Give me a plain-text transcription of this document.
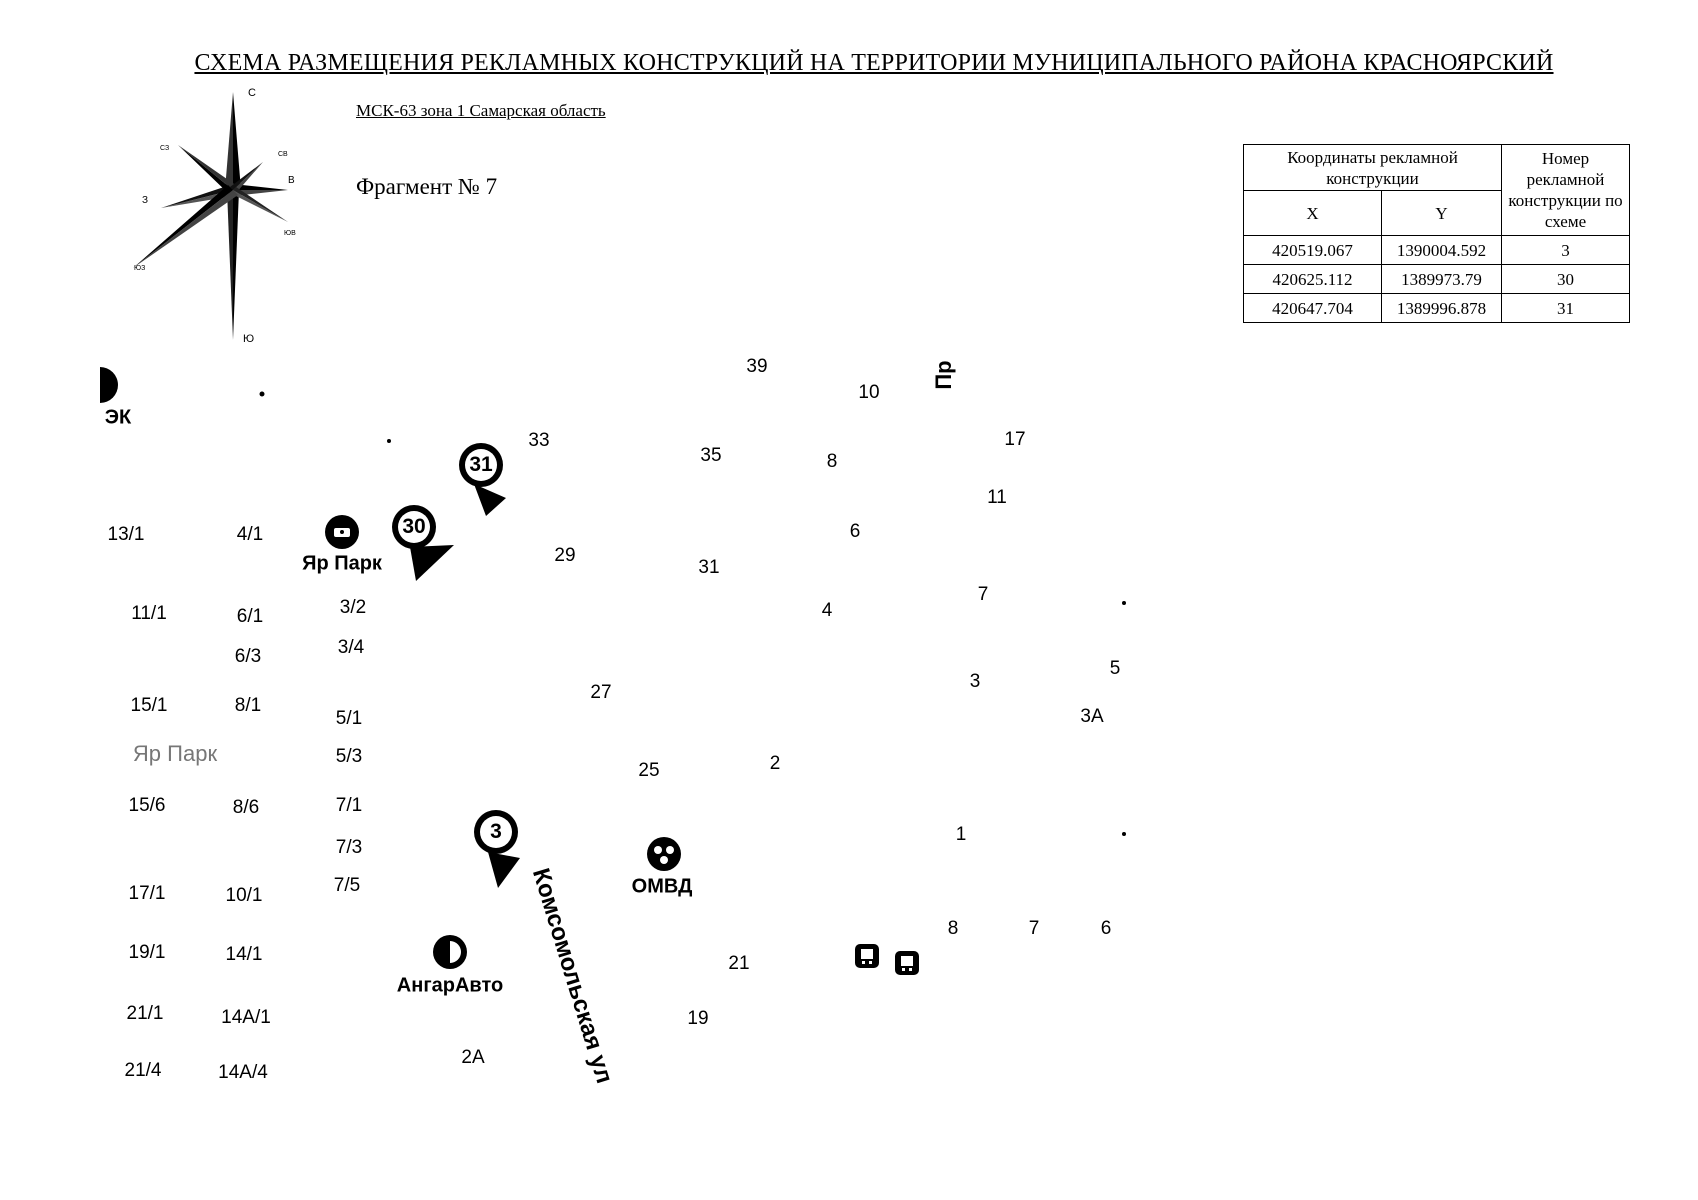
СХЕМА РАЗМЕЩЕНИЯ РЕКЛАМНЫХ КОНСТРУКЦИЙ НА ТЕРРИТОРИИ МУНИЦИПАЛЬНОГО РАЙОНА КРАСНОЯРСКИЙ
МСК-63 зона 1 Самарская область
Фрагмент № 7
С
Ю
В
З
СВ
СЗ
ЮВ
ЮЗ
Координаты рекламной конструкции		Номер рекламной конструкции по схеме
X	Y	
420519.067	1390004.592	3
420625.112	1389973.79	30
420647.704	1389996.878	31
ЭК
31
30
3
Яр Парк
Яр Парк
ОМВД
АнгарАвто Комсомольская ул
Пр
39
10
33
35	8
17
11
13/1	4/1
29
31
6
11/1	6/1	3/2	4
7
6/3	3/4
3
5
27
15/1	8/1
5/1	3А
5/3
25	2
15/6	8/6	7/1
1
7/3
17/1	10/1	7/5
8	7	6
19/1	14/1	21
21/1	14А/1	19
21/4	14А/4
2А
